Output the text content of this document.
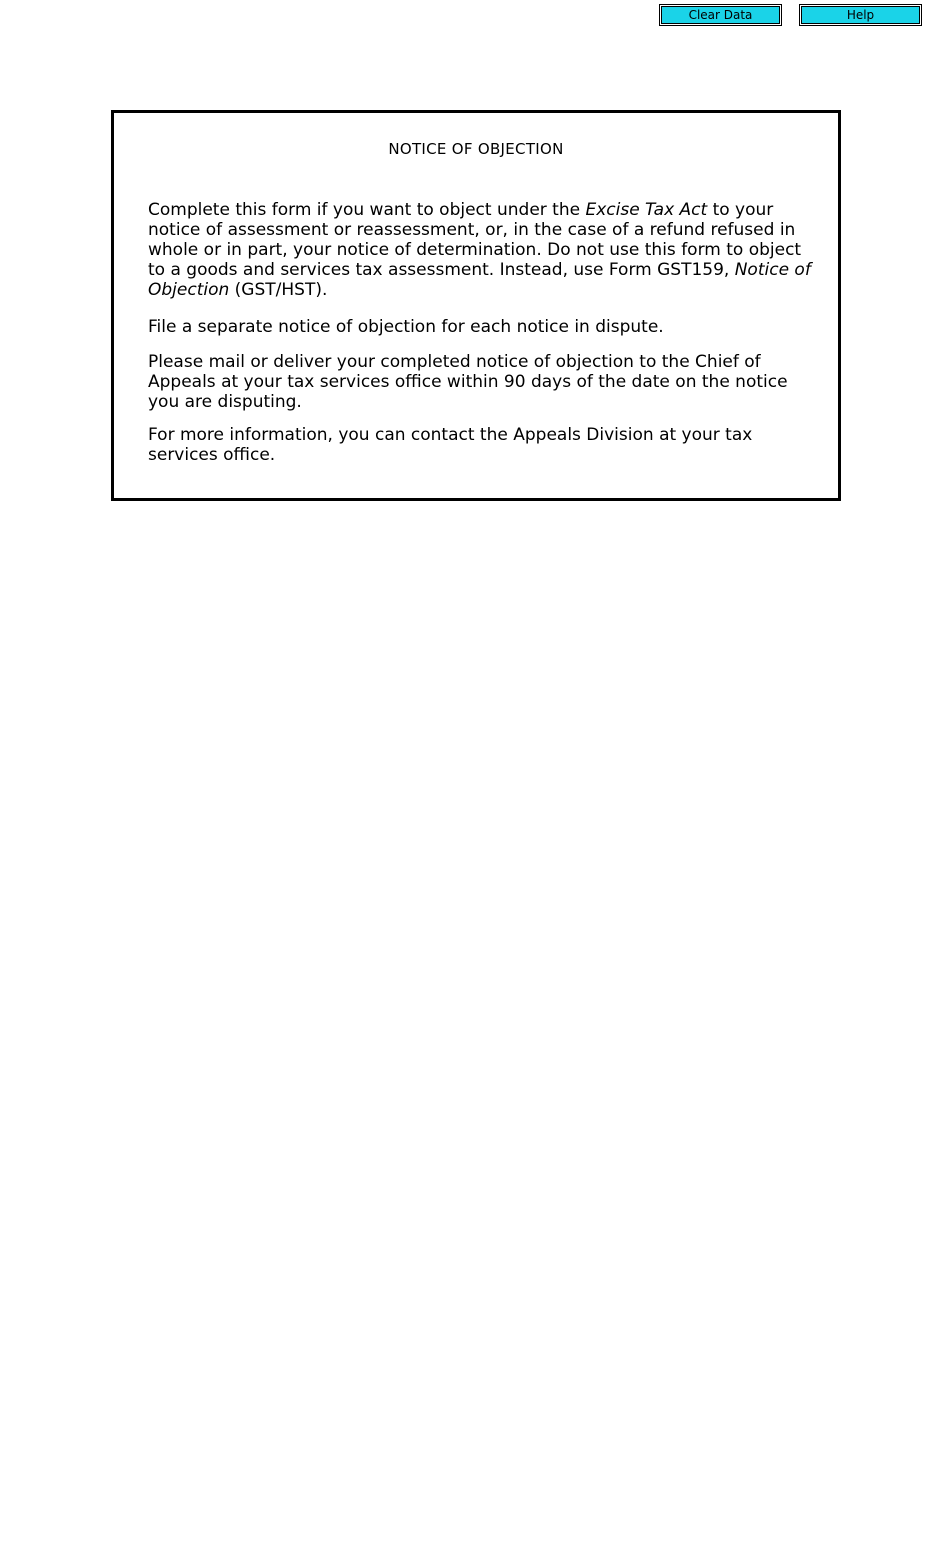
Clear Data	Help
NOTICE OF OBJECTION

Complete this form if you want to object under the Excise Tax Act to your notice of assessment or reassessment, or, in the case of a refund refused in whole or in part, your notice of determination. Do not use this form to object to a goods and services tax assessment. Instead, use Form GST159, Notice of Objection (GST/HST).

File a separate notice of objection for each notice in dispute.

Please mail or deliver your completed notice of objection to the Chief of Appeals at your tax services office within 90 days of the date on the notice you are disputing.

For more information, you can contact the Appeals Division at your tax services office.
